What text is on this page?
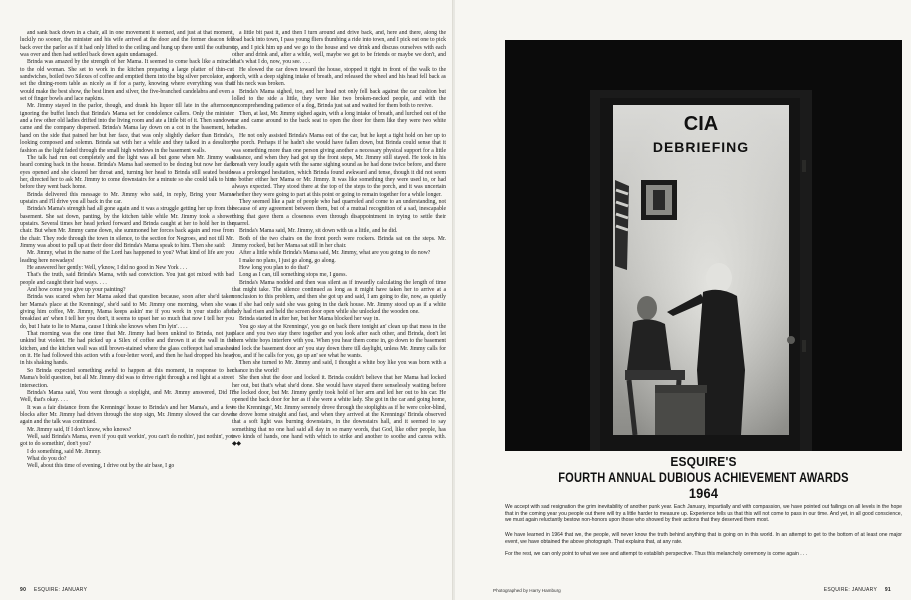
and sank back down in a chair, all in one movement it seemed, and just at that moment, luckily no sooner, the minister and his wife arrived at the door and the former deacon fell back over the parlor as if it had only lifted to the ceiling and hung up there until the outburst was over and then had settled back down again undamaged.

Brinda was amazed by the strength of her Mama. It seemed to come back like a miracle to the old woman. She set to work in the kitchen preparing a large platter of thin-cut sandwiches, boiled two Silexes of coffee and emptied them into the big silver percolator, and set the dining-room table as nicely as if for a party, knowing where everything was that would make the best show, the best linen and silver, the five-branched candelabra and even a set of finger bowls and lace napkins.

Mr. Jimmy stayed in the parlor, though, and drank his liquor till late in the afternoon, ignoring the buffet lunch that Brinda's Mama set for condolence callers. Only the minister and a few other old ladies drifted into the living room and ate a little bit of it. Then sundown came and the company dispersed. Brinda's Mama lay down on a cot in the basement, her hand on the side that pained her but her face, that was only slightly darker than Brinda's, looking composed and solemn. Brinda sat with her a while and they talked in a desultory fashion as the light faded through the small high windows in the basement walls.

The talk had run out completely and the light was all but gone when Mr. Jimmy was heard coming back in the house. Brinda's Mama had seemed to be dozing but now her dark eyes opened and she cleared her throat and, turning her head to Brinda still seated beside her, directed her to ask Mr. Jimmy to come downstairs for a minute so she could talk to him before they went back home.

Brinda delivered this message to Mr. Jimmy who said, in reply, Bring your Mama upstairs and I'll drive you all back in the car.

Brinda's Mama's strength had all gone again and it was a struggle getting her up from the basement. She sat down, panting, by the kitchen table while Mr. Jimmy took a shower upstairs. Several times her head jerked forward and Brinda caught at her to hold her in the chair. But when Mr. Jimmy came down, she summoned her forces back again and rose from the chair. They rode through the town in silence, to the section for Negroes, and not till Mr. Jimmy was about to pull up at their door did Brinda's Mama speak to him. Then she said:

Mr. Jimmy, what in the name of the Lord has happened to you? What kind of life are you leading here nowadays!

He answered her gently: Well, y'know, I did no good in New York . . .

That's the truth, said Brinda's Mama, with sad conviction. You just got mixed with bad people and caught their bad ways. . . .

And how come you give up your painting?

Brinda was scared when her Mama asked that question because, soon after she'd taken her Mama's place at the Krennings', she'd said to Mr. Jimmy one morning, when she was giving him coffee, Mr. Jimmy, Mama keeps askin' me if you work in your studio after breakfast an' when I tell her you don't, it seems to upset her so much that now I tell her you do, but I hate to lie to Mama, cause I think she knows when I'm lyin'. . . .

That morning was the one time that Mr. Jimmy had been unkind to Brinda, not just unkind but violent. He had picked up a Silex of coffee and thrown it at the wall in the kitchen, and the kitchen wall was still brown-stained where the glass coffeepot had smashed on it. He had followed this action with a four-letter word, and then he had dropped his head in his shaking hands.

So Brinda expected something awful to happen at this moment, in response to her Mama's bold question, but all Mr. Jimmy did was to drive right through a red light at a street intersection.

Brinda's Mama said, You went through a stoplight, and Mr. Jimmy answered, Did I? Well, that's okay. . . .

It was a fair distance from the Krennings' house to Brinda's and her Mama's, and a few blocks after Mr. Jimmy had driven through the stop sign, Mr. Jimmy slowed the car down again and the talk was continued.

Mr. Jimmy said, If I don't know, who knows?

Well, said Brinda's Mama, even if you quit workin', you can't do nothin', just nothin', you got to do somethin', don't you?

I do something, said Mr. Jimmy.

What do you do?

Well, about this time of evening, I drive out by the air base, I go

a little bit past it, and then I turn around and drive back, and, here and there, along the road back into town, I pass young fliers thumbing a ride into town, and I pick out one to pick up, and I pick him up and we go to the house and we drink and discuss ourselves with each other and drink and, after a while, well, maybe we get to be friends or maybe we don't, and that's what I do, now, you see. . . .

He slowed the car down toward the house, stopped it right in front of the walk to the porch, with a deep sighing intake of breath, and released the wheel and his head fell back as if his neck was broken.

Brinda's Mama sighed, too, and her head not only fell back against the car cushion but lolled to the side a little, they were like two broken-necked people, and with the uncomprehending patience of a dog, Brinda just sat and waited for them both to revive.

Then, at last, Mr. Jimmy sighed again, with a long intake of breath, and lurched out of the car and came around to the back seat to open the door for them like they were two white ladies.

He not only assisted Brinda's Mama out of the car, but he kept a tight hold on her up to the porch. Perhaps if he hadn't she would have fallen down, but Brinda could sense that it was something more than one person giving another a necessary physical support for a little distance, and when they had got up the front steps, Mr. Jimmy still stayed. He took in his breath very loudly again with the same sighing sound as he had done twice before, and there was a prolonged hesitation, which Brinda found awkward and tense, though it did not seem to bother either her Mama or Mr. Jimmy. It was like something they were used to, or had always expected. They stood there at the top of the steps to the porch, and it was uncertain whether they were going to part at this point or going to remain together for a while longer.

They seemed like a pair of people who had quarreled and come to an understanding, not because of any agreement between them, but of a mutual recognition of a sad, inescapable thing that gave them a closeness even through disappointment in trying to settle their quarrel.

Brinda's Mama said, Mr. Jimmy, sit down with us a little, and he did.

Both of the two chairs on the front porch were rockers. Brinda sat on the steps. Mr. Jimmy rocked, but her Mama sat still in her chair.

After a little while Brinda's Mama said, Mr. Jimmy, what are you going to do now?

I make no plans, I just go along, go along.

How long you plan to do that?

Long as I can, till something stops me, I guess.

Brinda's Mama nodded and then was silent as if inwardly calculating the length of time that might take. The silence continued as long as it might have taken her to arrive at a conclusion to this problem, and then she got up and said, I am going to die, now, as quietly as if she had only said she was going in the dark house. Mr. Jimmy stood up as if a white lady had risen and held the screen door open while she unlocked the wooden one.

Brinda started in after her, but her Mama blocked her way in.

You go stay at the Krennings', you go on back there tonight an' clean up that mess in the place and you two stay there together and you look after each other, and Brinda, don't let them white boys interfere with you. When you hear them come in, go down to the basement and lock the basement door an' you stay down there till daylight, unless Mr. Jimmy calls for you, and if he calls for you, go up an' see what he wants.

Then she turned to Mr. Jimmy and said, I thought a white boy like you was born with a chance in the world!

She then shut the door and locked it. Brinda couldn't believe that her Mama had locked her out, but that's what she'd done. She would have stayed there senselessly waiting before the locked door, but Mr. Jimmy gently took hold of her arm and led her out to his car. He opened the back door for her as if she were a white lady. She got in the car and going home, to the Krennings', Mr. Jimmy serenely drove through the stoplights as if he were color-blind, he drove home straight and fast, and when they arrived at the Krennings' Brinda observed that a soft light was burning downstairs, in the downstairs hall, and it seemed to say something that no one had said all day in so many words, that God, like other people, has two kinds of hands, one hand with which to strike and another to soothe and caress with. ◆◆

90 ESQUIRE: JANUARY
CIA
DEBRIEFING
ESQUIRE'S
FOURTH ANNUAL DUBIOUS ACHIEVEMENT AWARDS
1964

We accept with sad resignation the grim inevitability of another punk year. Each January, impartially and with compassion, we have pointed out failings on all levels in the hope that in the coming year you people out there will try a little harder to measure up. Experience tells us that this will not come to pass in our time. And yet, in all good conscience, we must again reluctantly bestow non-honors upon those who showed by their actions that they deserved them most.

We have learned in 1964 that we, the people, will never know the truth behind anything that is going on in this world. In an attempt to get to the bottom of at least one major event, we have obtained the above photograph. That explains that, at any rate.

For the rest, we can only point to what we see and attempt to establish perspective. Thus this melancholy ceremony is come again . . .

Photographed by Harry Hamburg	ESQUIRE: JANUARY 91
